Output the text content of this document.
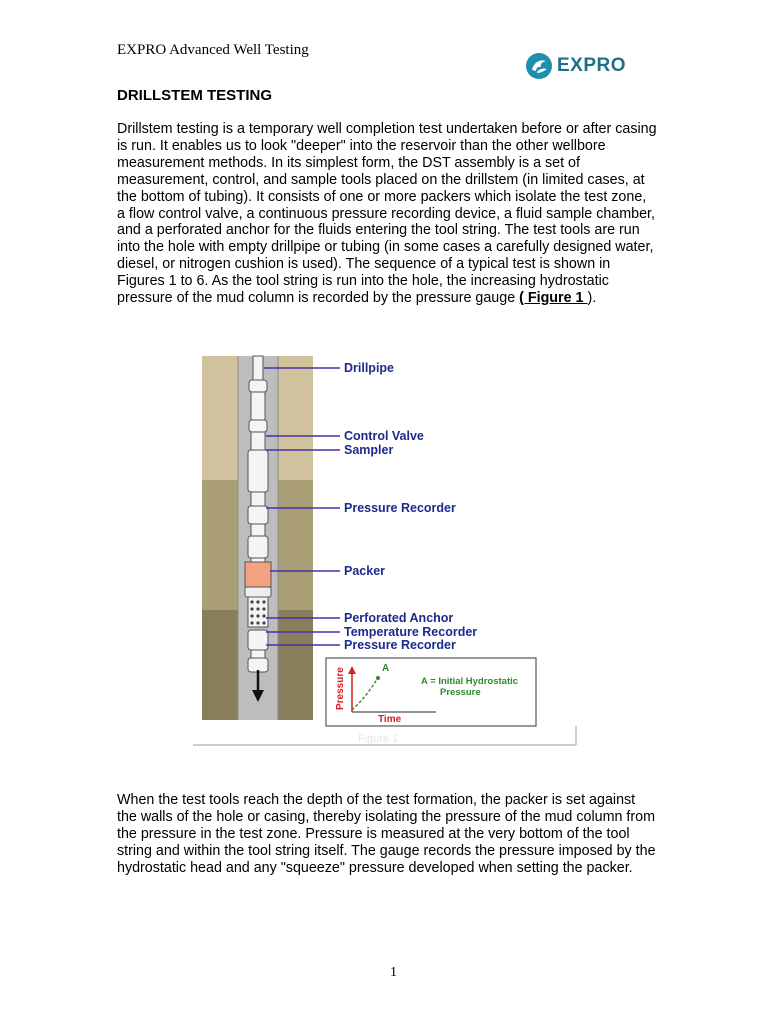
EXPRO Advanced Well Testing
EXPRO
DRILLSTEM TESTING
Drillstem testing is a temporary well completion test undertaken before or after casing is run. It enables us to look "deeper" into the reservoir than the other wellbore measurement methods. In its simplest form, the DST assembly is a set of measurement, control, and sample tools placed on the drillstem (in limited cases, at the bottom of tubing). It consists of one or more packers which isolate the test zone, a flow control valve, a continuous pressure recording device, a fluid sample chamber, and a perforated anchor for the fluids entering the tool string. The test tools are run into the hole with empty drillpipe or tubing (in some cases a carefully designed water, diesel, or nitrogen cushion is used). The sequence of a typical test is shown in Figures 1 to 6. As the tool string is run into the hole, the increasing hydrostatic pressure of the mud column is recorded by the pressure gauge ( Figure 1 ).
Drillpipe
Control Valve
Sampler
Pressure Recorder
Packer
Perforated Anchor
Temperature Recorder
Pressure Recorder
A
Pressure
Time
A = Initial Hydrostatic
Pressure
Figure 1
When the test tools reach the depth of the test formation, the packer is set against the walls of the hole or casing, thereby isolating the pressure of the mud column from the pressure in the test zone. Pressure is measured at the very bottom of the tool string and within the tool string itself. The gauge records the pressure imposed by the hydrostatic head and any "squeeze" pressure developed when setting the packer.
1
